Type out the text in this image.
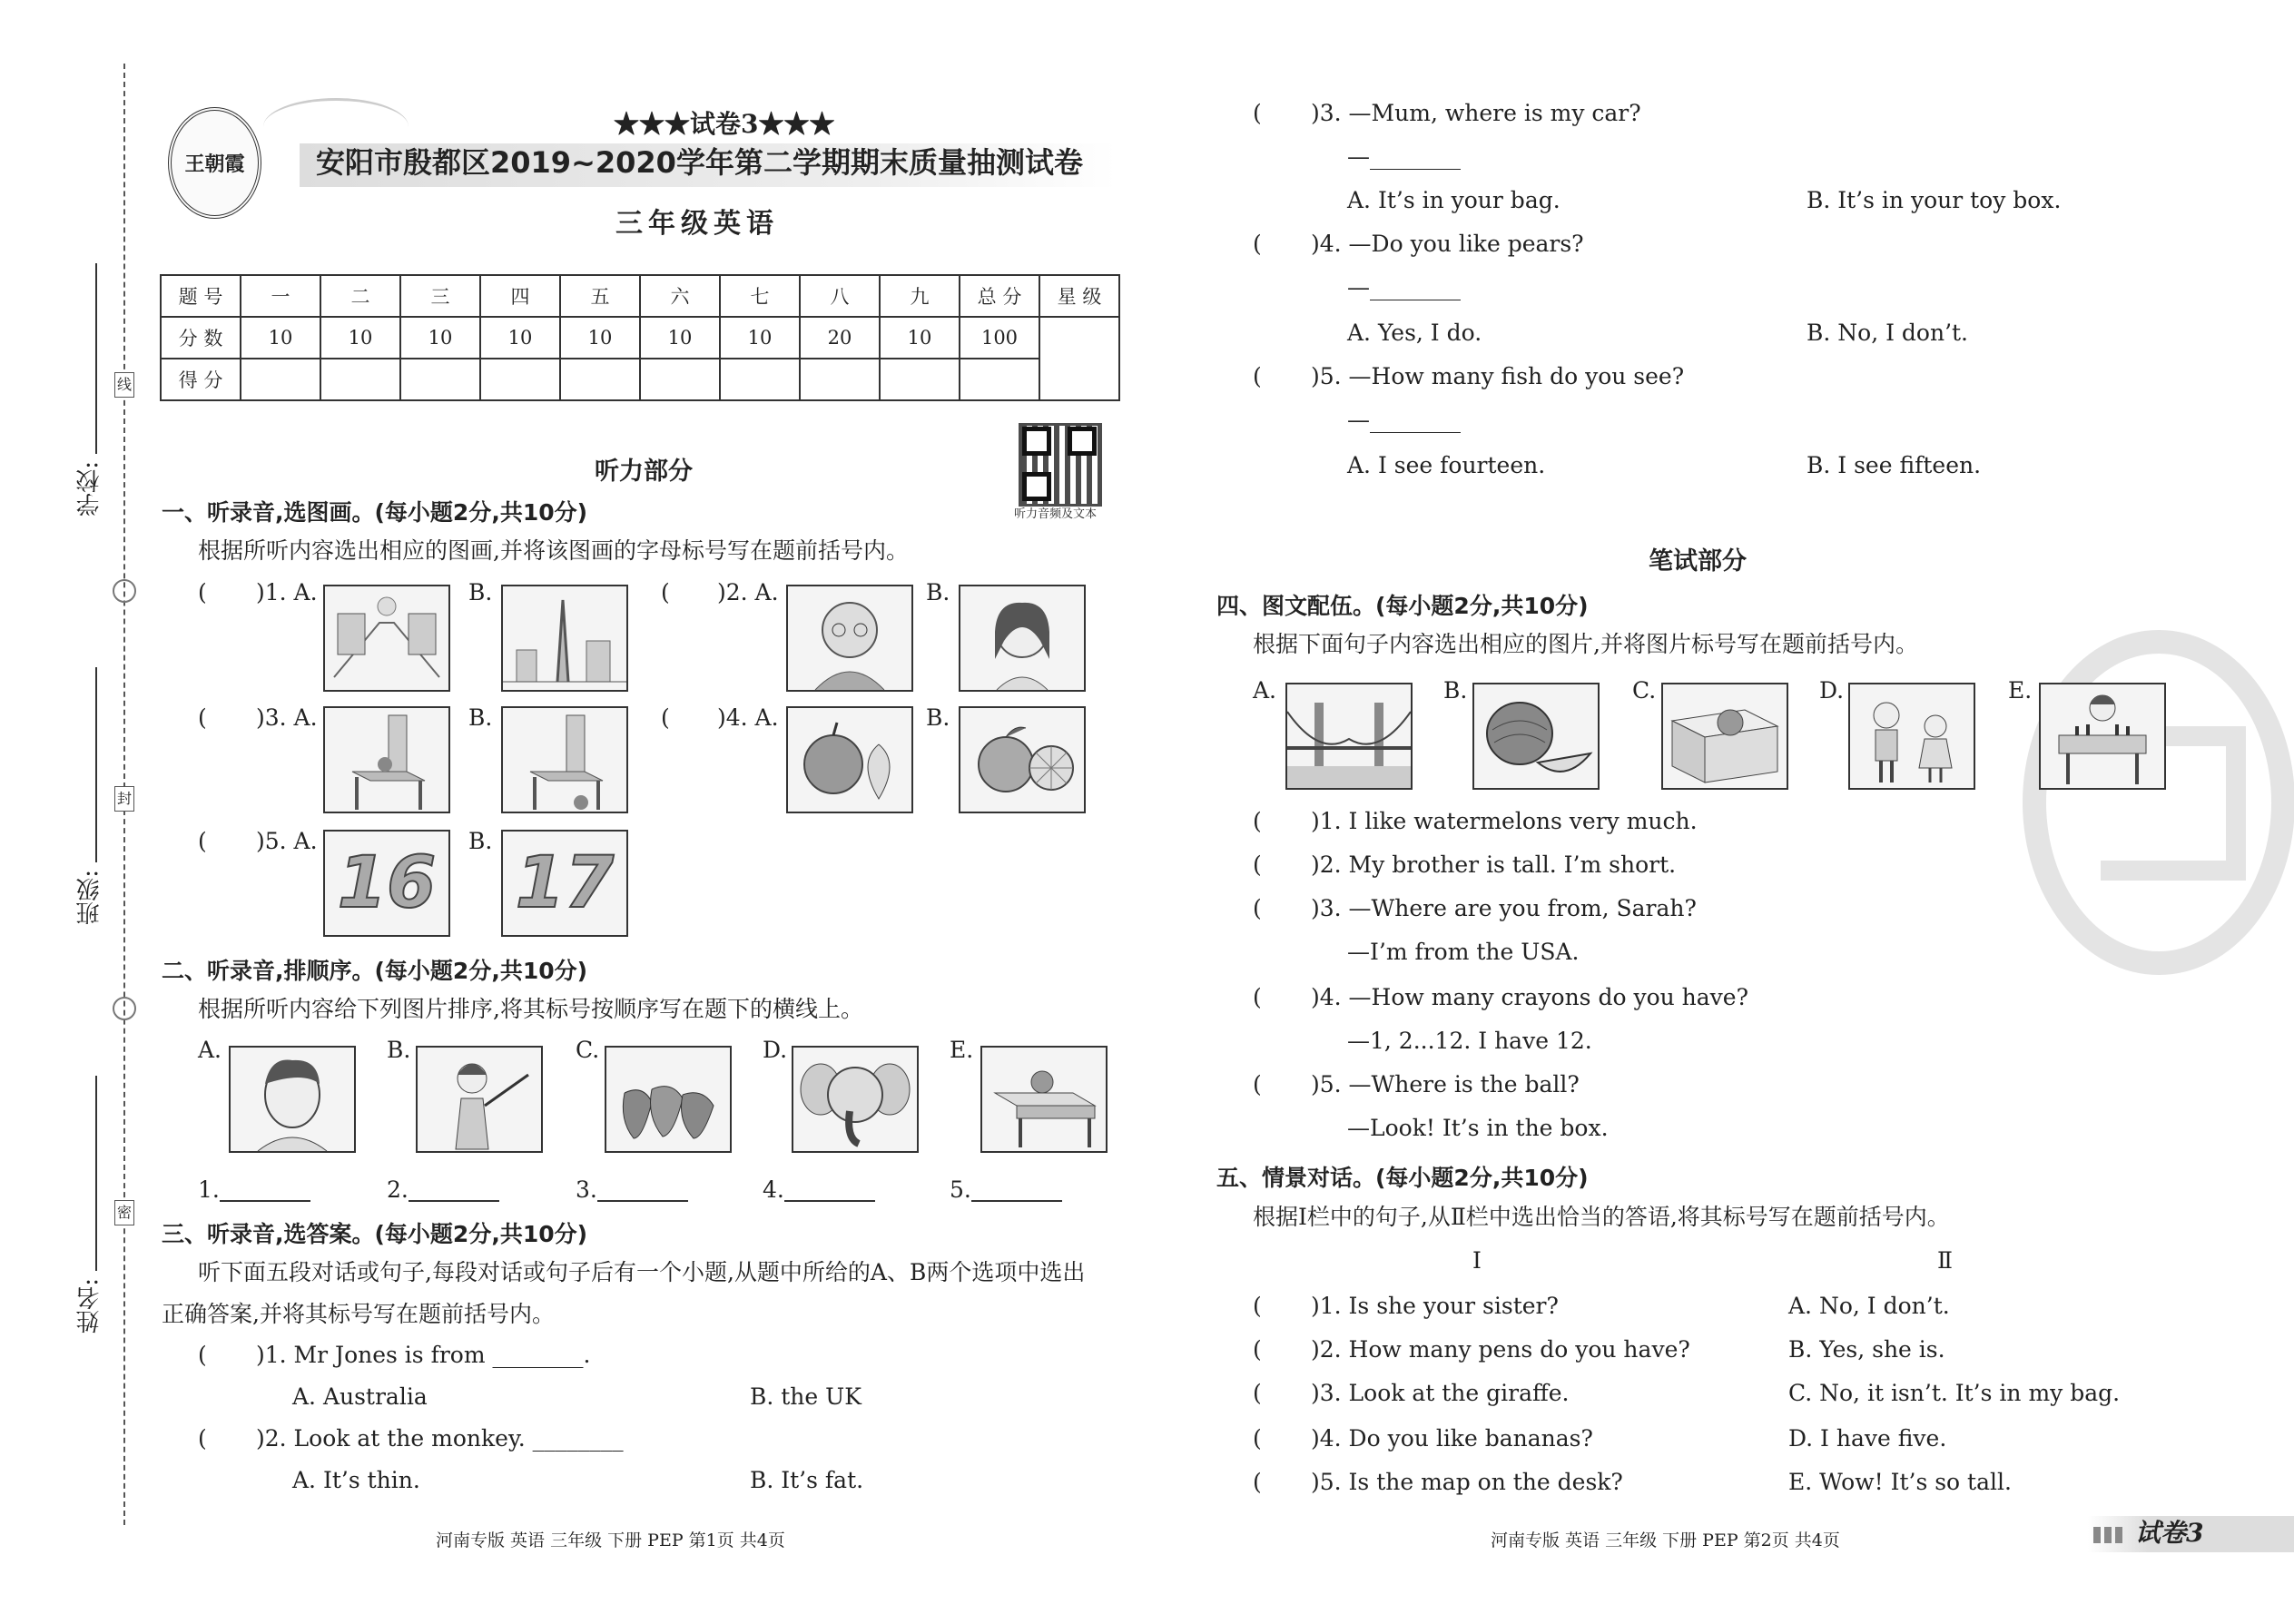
线
封
密
学校:
班级:
姓名:
王朝霞
★★★试卷3★★★
安阳市殷都区2019~2020学年第二学期期末质量抽测试卷
三年级英语
题 号	一	二	三	四	五	六	七	八	九	总 分	星 级
分 数	10	10	10	10	10	10	10	20	10	100	
得 分											
听力音频及文本
听力部分
一、听录音,选图画。(每小题2分,共10分)
根据所听内容选出相应的图画,并将该图画的字母标号写在题前括号内。
( )1. A.	B.	( )2. A.	B.
( )3. A.	B.	( )4. A.	B.
( )5. A.
16
B.
17
二、听录音,排顺序。(每小题2分,共10分)
根据所听内容给下列图片排序,将其标号按顺序写在题下的横线上。
A.	B.	C.	D.	E.
1.	2.	3.	4.	5.
三、听录音,选答案。(每小题2分,共10分)
听下面五段对话或句子,每段对话或句子后有一个小题,从题中所给的A、B两个选项中选出
正确答案,并将其标号写在题前括号内。
( )1. Mr Jones is from ________.
A. Australia	B. the UK
( )2. Look at the monkey. ________
A. It’s thin.	B. It’s fat.
河南专版 英语 三年级 下册 PEP 第1页 共4页
( )3. —Mum, where is my car?
—________
A. It’s in your bag.	B. It’s in your toy box.
( )4. —Do you like pears?
—________
A. Yes, I do.	B. No, I don’t.
( )5. —How many fish do you see?
—________
A. I see fourteen.	B. I see fifteen.
笔试部分
四、图文配伍。(每小题2分,共10分)
根据下面句子内容选出相应的图片,并将图片标号写在题前括号内。
A.	B.	C.	D.	E.
( )1. I like watermelons very much.
( )2. My brother is tall. I’m short.
( )3. —Where are you from, Sarah?
—I’m from the USA.
( )4. —How many crayons do you have?
—1, 2...12. I have 12.
( )5. —Where is the ball?
—Look! It’s in the box.
五、情景对话。(每小题2分,共10分)
根据Ⅰ栏中的句子,从Ⅱ栏中选出恰当的答语,将其标号写在题前括号内。
Ⅰ	Ⅱ
( )1. Is she your sister?	A. No, I don’t.
( )2. How many pens do you have?	B. Yes, she is.
( )3. Look at the giraffe.	C. No, it isn’t. It’s in my bag.
( )4. Do you like bananas?	D. I have five.
( )5. Is the map on the desk?	E. Wow! It’s so tall.
河南专版 英语 三年级 下册 PEP 第2页 共4页	试卷3
